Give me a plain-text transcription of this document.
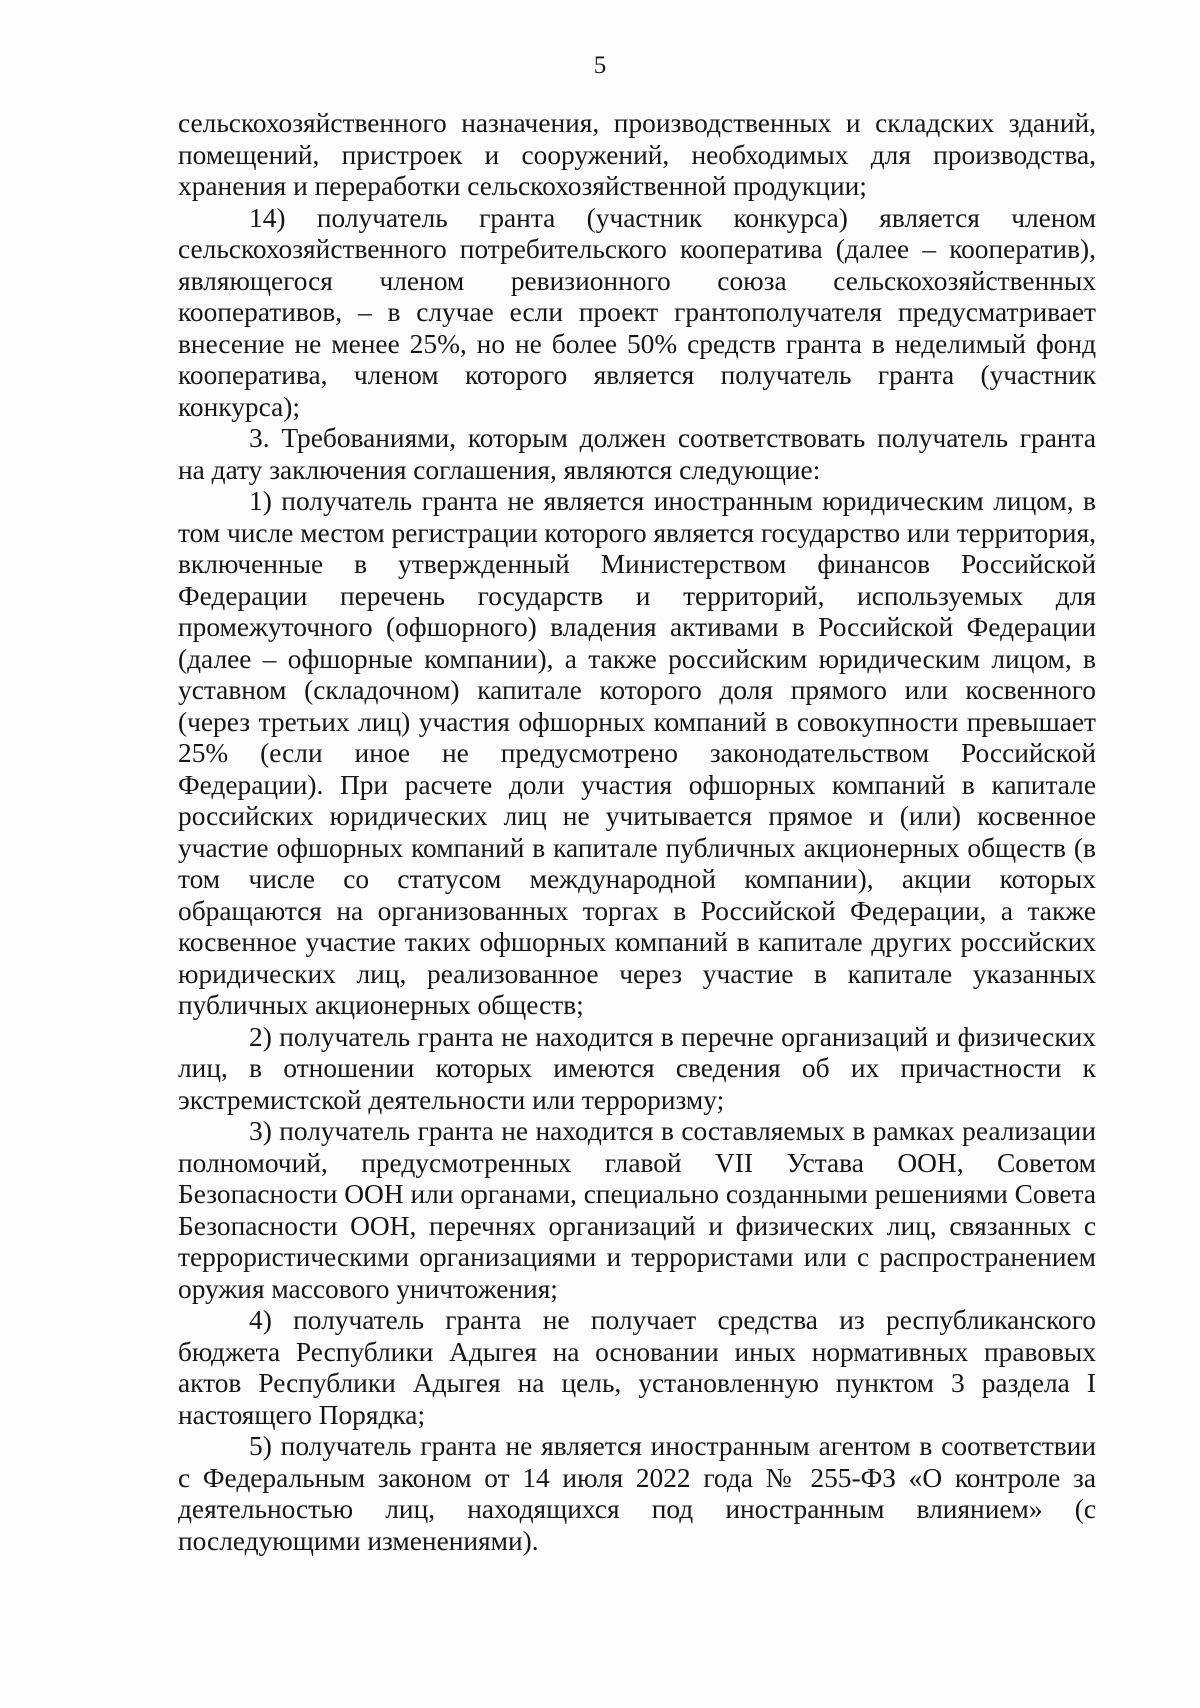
5

сельскохозяйственного назначения, производственных и складских зданий, помещений, пристроек и сооружений, необходимых для производства, хранения и переработки сельскохозяйственной продукции;

14) получатель гранта (участник конкурса) является членом сельскохозяйственного потребительского кооператива (далее – кооператив), являющегося членом ревизионного союза сельскохозяйственных кооперативов, – в случае если проект грантополучателя предусматривает внесение не менее 25%, но не более 50% средств гранта в неделимый фонд кооператива, членом которого является получатель гранта (участник конкурса);

3. Требованиями, которым должен соответствовать получатель гранта на дату заключения соглашения, являются следующие:

1) получатель гранта не является иностранным юридическим лицом, в том числе местом регистрации которого является государство или территория, включенные в утвержденный Министерством финансов Российской Федерации перечень государств и территорий, используемых для промежуточного (офшорного) владения активами в Российской Федерации (далее – офшорные компании), а также российским юридическим лицом, в уставном (складочном) капитале которого доля прямого или косвенного (через третьих лиц) участия офшорных компаний в совокупности превышает 25% (если иное не предусмотрено законодательством Российской Федерации). При расчете доли участия офшорных компаний в капитале российских юридических лиц не учитывается прямое и (или) косвенное участие офшорных компаний в капитале публичных акционерных обществ (в том числе со статусом международной компании), акции которых обращаются на организованных торгах в Российской Федерации, а также косвенное участие таких офшорных компаний в капитале других российских юридических лиц, реализованное через участие в капитале указанных публичных акционерных обществ;

2) получатель гранта не находится в перечне организаций и физических лиц, в отношении которых имеются сведения об их причастности к экстремистской деятельности или терроризму;

3) получатель гранта не находится в составляемых в рамках реализации полномочий, предусмотренных главой VII Устава ООН, Советом Безопасности ООН или органами, специально созданными решениями Совета Безопасности ООН, перечнях организаций и физических лиц, связанных с террористическими организациями и террористами или с распространением оружия массового уничтожения;

4) получатель гранта не получает средства из республиканского бюджета Республики Адыгея на основании иных нормативных правовых актов Республики Адыгея на цель, установленную пунктом 3 раздела I настоящего Порядка;

5) получатель гранта не является иностранным агентом в соответствии с Федеральным законом от 14 июля 2022 года № 255-ФЗ «О контроле за деятельностью лиц, находящихся под иностранным влиянием» (с последующими изменениями).
